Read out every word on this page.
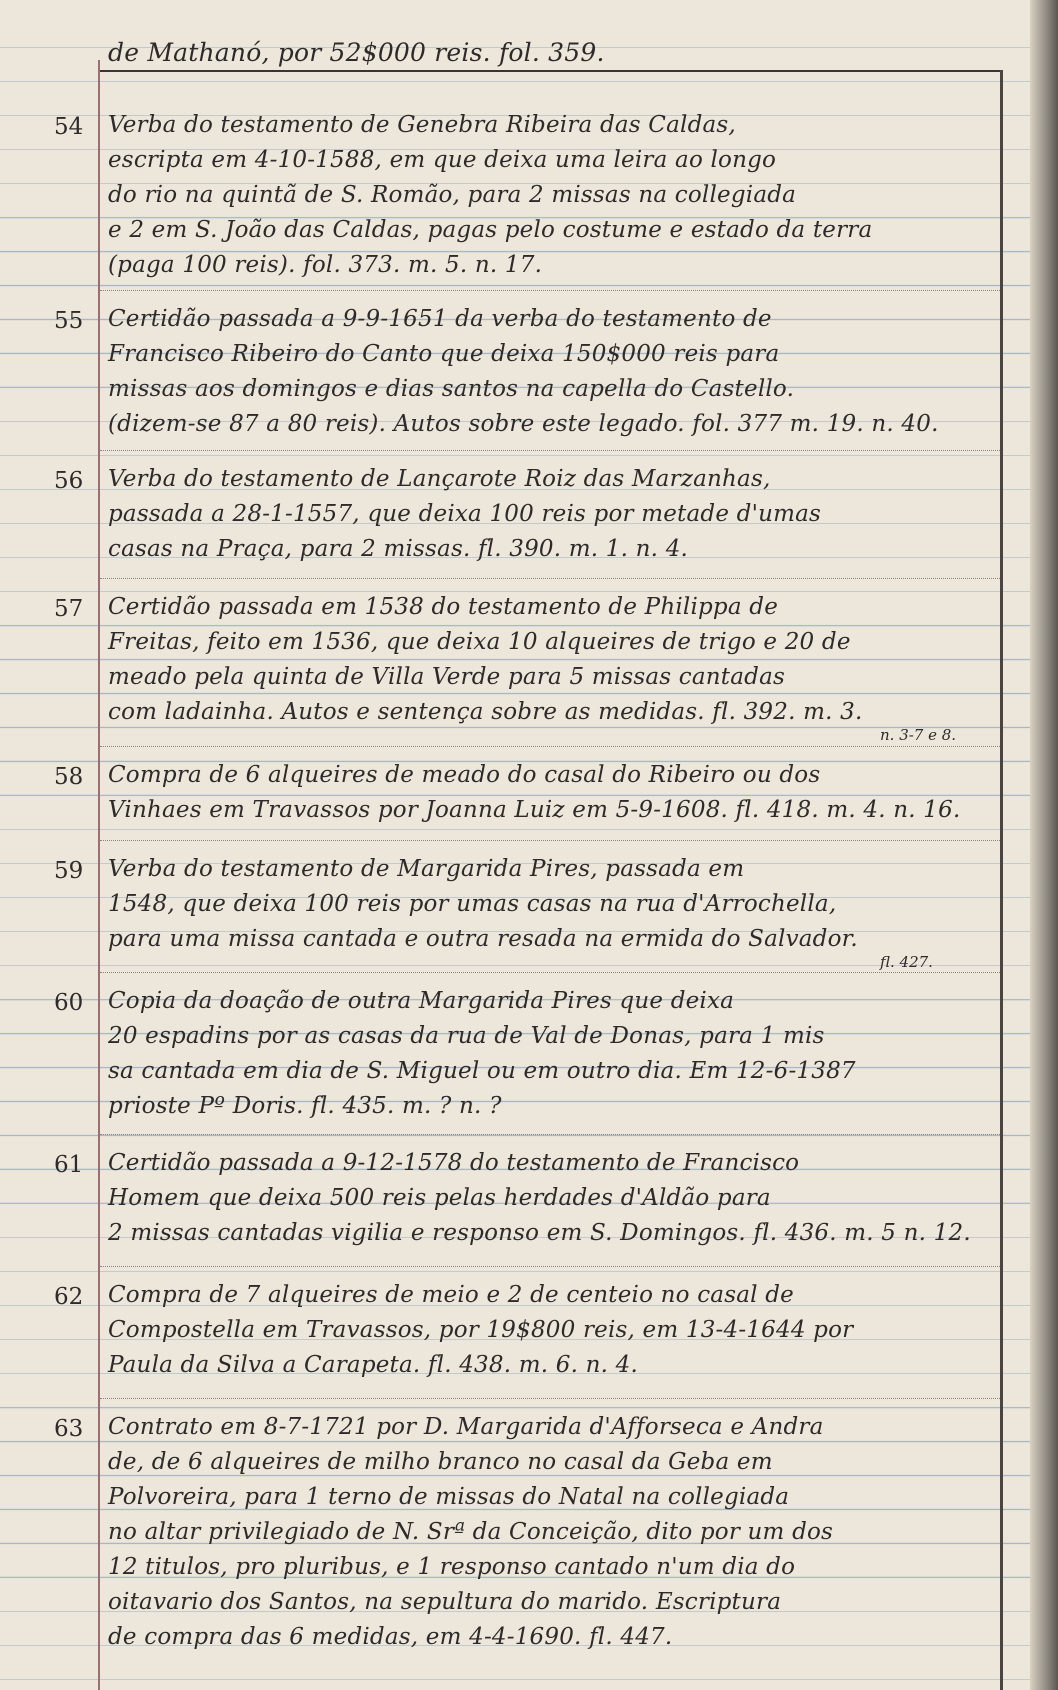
de Mathanó, por 52$000 reis. fol. 359.
54 Verba do testamento de Genebra Ribeira das Caldas,
escripta em 4-10-1588, em que deixa uma leira ao longo
do rio na quintã de S. Romão, para 2 missas na collegiada
e 2 em S. João das Caldas, pagas pelo costume e estado da terra
(paga 100 reis). fol. 373. m. 5. n. 17.
55 Certidão passada a 9-9-1651 da verba do testamento de
Francisco Ribeiro do Canto que deixa 150$000 reis para
missas aos domingos e dias santos na capella do Castello.
(dizem-se 87 a 80 reis). Autos sobre este legado. fol. 377 m. 19. n. 40.
56 Verba do testamento de Lançarote Roiz das Marzanhas,
passada a 28-1-1557, que deixa 100 reis por metade d'umas
casas na Praça, para 2 missas. fl. 390. m. 1. n. 4.
57 Certidão passada em 1538 do testamento de Philippa de
Freitas, feito em 1536, que deixa 10 alqueires de trigo e 20 de
meado pela quinta de Villa Verde para 5 missas cantadas
com ladainha. Autos e sentença sobre as medidas. fl. 392. m. 3.
n. 3-7 e 8.
58 Compra de 6 alqueires de meado do casal do Ribeiro ou dos
Vinhaes em Travassos por Joanna Luiz em 5-9-1608. fl. 418. m. 4. n. 16.
59 Verba do testamento de Margarida Pires, passada em
1548, que deixa 100 reis por umas casas na rua d'Arrochella,
para uma missa cantada e outra resada na ermida do Salvador.
fl. 427.
60 Copia da doação de outra Margarida Pires que deixa
20 espadins por as casas da rua de Val de Donas, para 1 mis
sa cantada em dia de S. Miguel ou em outro dia. Em 12-6-1387
prioste Pº Doris. fl. 435. m. ? n. ?
61 Certidão passada a 9-12-1578 do testamento de Francisco
Homem que deixa 500 reis pelas herdades d'Aldão para
2 missas cantadas vigilia e responso em S. Domingos. fl. 436. m. 5 n. 12.
62 Compra de 7 alqueires de meio e 2 de centeio no casal de
Compostella em Travassos, por 19$800 reis, em 13-4-1644 por
Paula da Silva a Carapeta. fl. 438. m. 6. n. 4.
63 Contrato em 8-7-1721 por D. Margarida d'Afforseca e Andra
de, de 6 alqueires de milho branco no casal da Geba em
Polvoreira, para 1 terno de missas do Natal na collegiada
no altar privilegiado de N. Srª da Conceição, dito por um dos
12 titulos, pro pluribus, e 1 responso cantado n'um dia do
oitavario dos Santos, na sepultura do marido. Escriptura
de compra das 6 medidas, em 4-4-1690. fl. 447.
